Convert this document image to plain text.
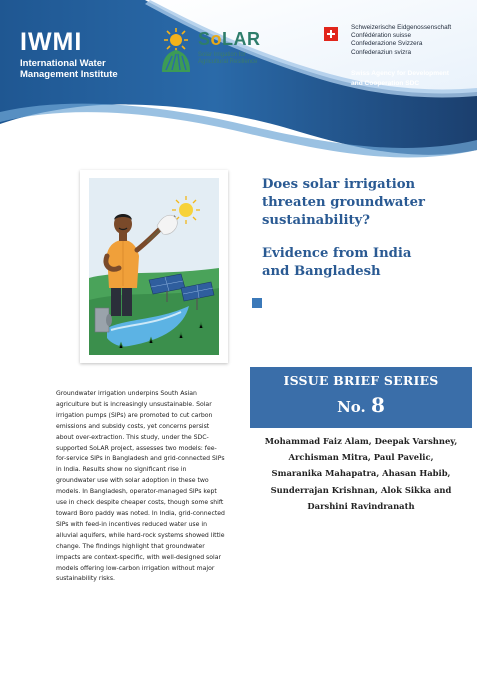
IWMI
International Water
Management Institute
SoLAR
Solar Irrigation for
Agricultural Resilience
Schweizerische Eidgenossenschaft
Confédération suisse
Confederazione Svizzera
Confederaziun svizra
Swiss Agency for Development
and Cooperation SDC
Does solar irrigation threaten groundwater sustainability?
Evidence from India and Bangladesh
ISSUE BRIEF SERIES
No. 8

Mohammad Faiz Alam, Deepak Varshney, Archisman Mitra, Paul Pavelic, Smaranika Mahapatra, Ahasan Habib, Sunderrajan Krishnan, Alok Sikka and Darshini Ravindranath

Groundwater irrigation underpins South Asian agriculture but is increasingly unsustainable. Solar irrigation pumps (SIPs) are promoted to cut carbon emissions and subsidy costs, yet concerns persist about over-extraction. This study, under the SDC-supported SoLAR project, assesses two models: fee-for-service SIPs in Bangladesh and grid-connected SIPs in India. Results show no significant rise in groundwater use with solar adoption in these two models. In Bangladesh, operator-managed SIPs kept use in check despite cheaper costs, though some shift toward Boro paddy was noted. In India, grid-connected SIPs with feed-in incentives reduced water use in alluvial aquifers, while hard-rock systems showed little change. The findings highlight that groundwater impacts are context-specific, with well-designed solar models offering low-carbon irrigation without major sustainability risks.
